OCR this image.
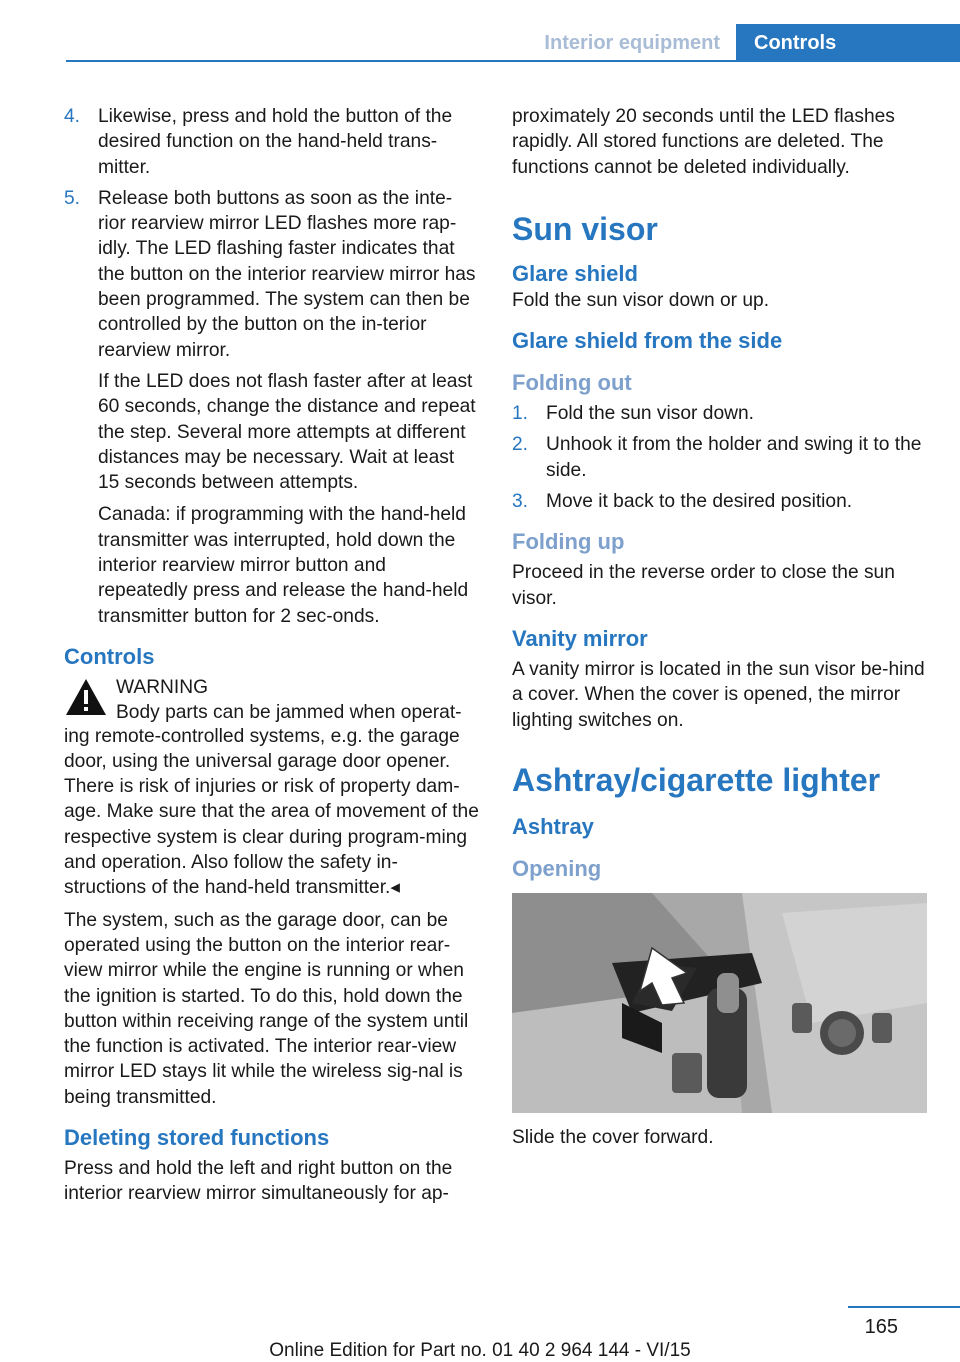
Interior equipment	Controls
4. Likewise, press and hold the button of the desired function on the hand-held trans-mitter.
5. Release both buttons as soon as the inte-rior rearview mirror LED flashes more rap-idly. The LED flashing faster indicates that the button on the interior rearview mirror has been programmed. The system can then be controlled by the button on the in-terior rearview mirror.

If the LED does not flash faster after at least 60 seconds, change the distance and repeat the step. Several more attempts at different distances may be necessary. Wait at least 15 seconds between attempts.

Canada: if programming with the hand-held transmitter was interrupted, hold down the interior rearview mirror button and repeatedly press and release the hand-held transmitter button for 2 sec-onds.

Controls
WARNING
Body parts can be jammed when operat-

ing remote-controlled systems, e.g. the garage door, using the universal garage door opener. There is risk of injuries or risk of property dam-age. Make sure that the area of movement of the respective system is clear during program-ming and operation. Also follow the safety in-structions of the hand-held transmitter.◂

The system, such as the garage door, can be operated using the button on the interior rear-view mirror while the engine is running or when the ignition is started. To do this, hold down the button within receiving range of the system until the function is activated. The interior rear-view mirror LED stays lit while the wireless sig-nal is being transmitted.

Deleting stored functions

Press and hold the left and right button on the interior rearview mirror simultaneously for ap-

proximately 20 seconds until the LED flashes rapidly. All stored functions are deleted. The functions cannot be deleted individually.

Sun visor
Glare shield

Fold the sun visor down or up.

Glare shield from the side
Folding out
1. Fold the sun visor down.
2. Unhook it from the holder and swing it to the side.
3. Move it back to the desired position.
Folding up

Proceed in the reverse order to close the sun visor.

Vanity mirror

A vanity mirror is located in the sun visor be-hind a cover. When the cover is opened, the mirror lighting switches on.

Ashtray/cigarette lighter
Ashtray
Opening

Slide the cover forward.

165
Online Edition for Part no. 01 40 2 964 144 - VI/15
